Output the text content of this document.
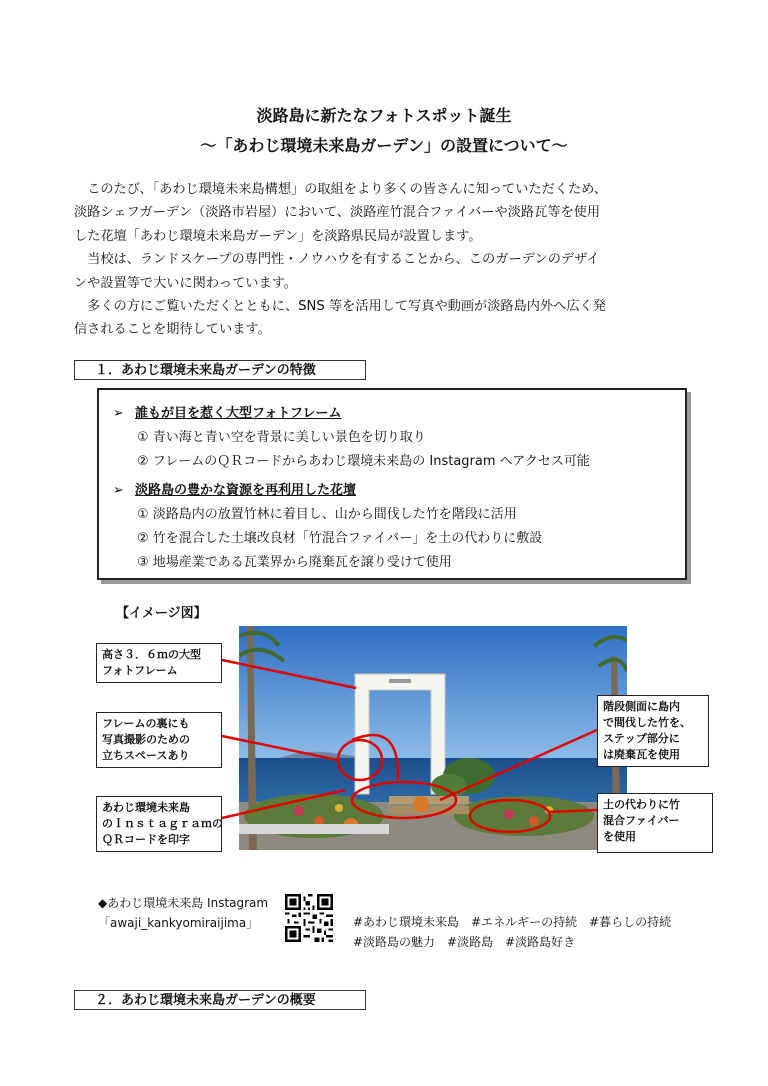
淡路島に新たなフォトスポット誕生
～「あわじ環境未来島ガーデン」の設置について～

　このたび、「あわじ環境未来島構想」の取組をより多くの皆さんに知っていただくため、

淡路シェフガーデン（淡路市岩屋）において、淡路産竹混合ファイバーや淡路瓦等を使用

した花壇「あわじ環境未来島ガーデン」を淡路県民局が設置します。

　当校は、ランドスケープの専門性・ノウハウを有することから、このガーデンのデザイ

ンや設置等で大いに関わっています。

　多くの方にご覧いただくとともに、SNS 等を活用して写真や動画が淡路島内外へ広く発

信されることを期待しています。

１．あわじ環境未来島ガーデンの特徴
➢ 誰もが目を惹く大型フォトフレーム
① 青い海と青い空を背景に美しい景色を切り取り
② フレームのＱＲコードからあわじ環境未来島の Instagram へアクセス可能
➢ 淡路島の豊かな資源を再利用した花壇
① 淡路島内の放置竹林に着目し、山から間伐した竹を階段に活用
② 竹を混合した土壌改良材「竹混合ファイバー」を土の代わりに敷設
③ 地場産業である瓦業界から廃棄瓦を譲り受けて使用
【イメージ図】
高さ３．６ｍの大型
フォトフレーム
フレームの裏にも
写真撮影のための
立ちスペースあり
あわじ環境未来島
のＩｎｓｔａｇｒａｍの
ＱＲコードを印字
階段側面に島内
で間伐した竹を、
ステップ部分に
は廃棄瓦を使用
土の代わりに竹
混合ファイバー
を使用
◆あわじ環境未来島 Instagram
「awaji_kankyomiraijima」	#あわじ環境未来島　#エネルギーの持続　#暮らしの持続
#淡路島の魅力　#淡路島　#淡路島好き
２．あわじ環境未来島ガーデンの概要
